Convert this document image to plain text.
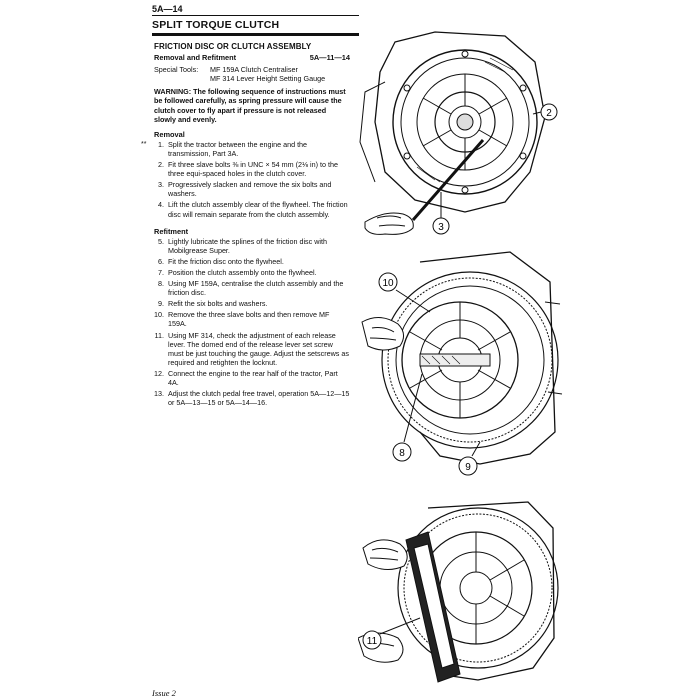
5A—14
SPLIT TORQUE CLUTCH
FRICTION DISC OR CLUTCH ASSEMBLY
Removal and Refitment	5A—11—14
Special Tools:	MF 159A Clutch Centraliser
MF 314 Lever Height Setting Gauge
WARNING: The following sequence of instructions must be followed carefully, as spring pressure will cause the clutch cover to fly apart if pressure is not released slowly and evenly.
Removal
**	1. Split the tractor between the engine and the transmission, Part 3A.
2. Fit three slave bolts ⅜ in UNC × 54 mm (2⅛ in) to the three equi-spaced holes in the clutch cover.
3. Progressively slacken and remove the six bolts and washers.
4. Lift the clutch assembly clear of the flywheel. The friction disc will remain separate from the clutch assembly.
Refitment
5. Lightly lubricate the splines of the friction disc with Mobilgrease Super.
6. Fit the friction disc onto the flywheel.
7. Position the clutch assembly onto the flywheel.
8. Using MF 159A, centralise the clutch assembly and the friction disc.
9. Refit the six bolts and washers.
10. Remove the three slave bolts and then remove MF 159A.
11. Using MF 314, check the adjustment of each release lever. The domed end of the release lever set screw must be just touching the gauge. Adjust the setscrews as required and retighten the locknut.
12. Connect the engine to the rear half of the tractor, Part 4A.
13. Adjust the clutch pedal free travel, operation 5A—12—15 or 5A—13—15 or 5A—14—16.
2
3
10
8
9
11
Issue 2
